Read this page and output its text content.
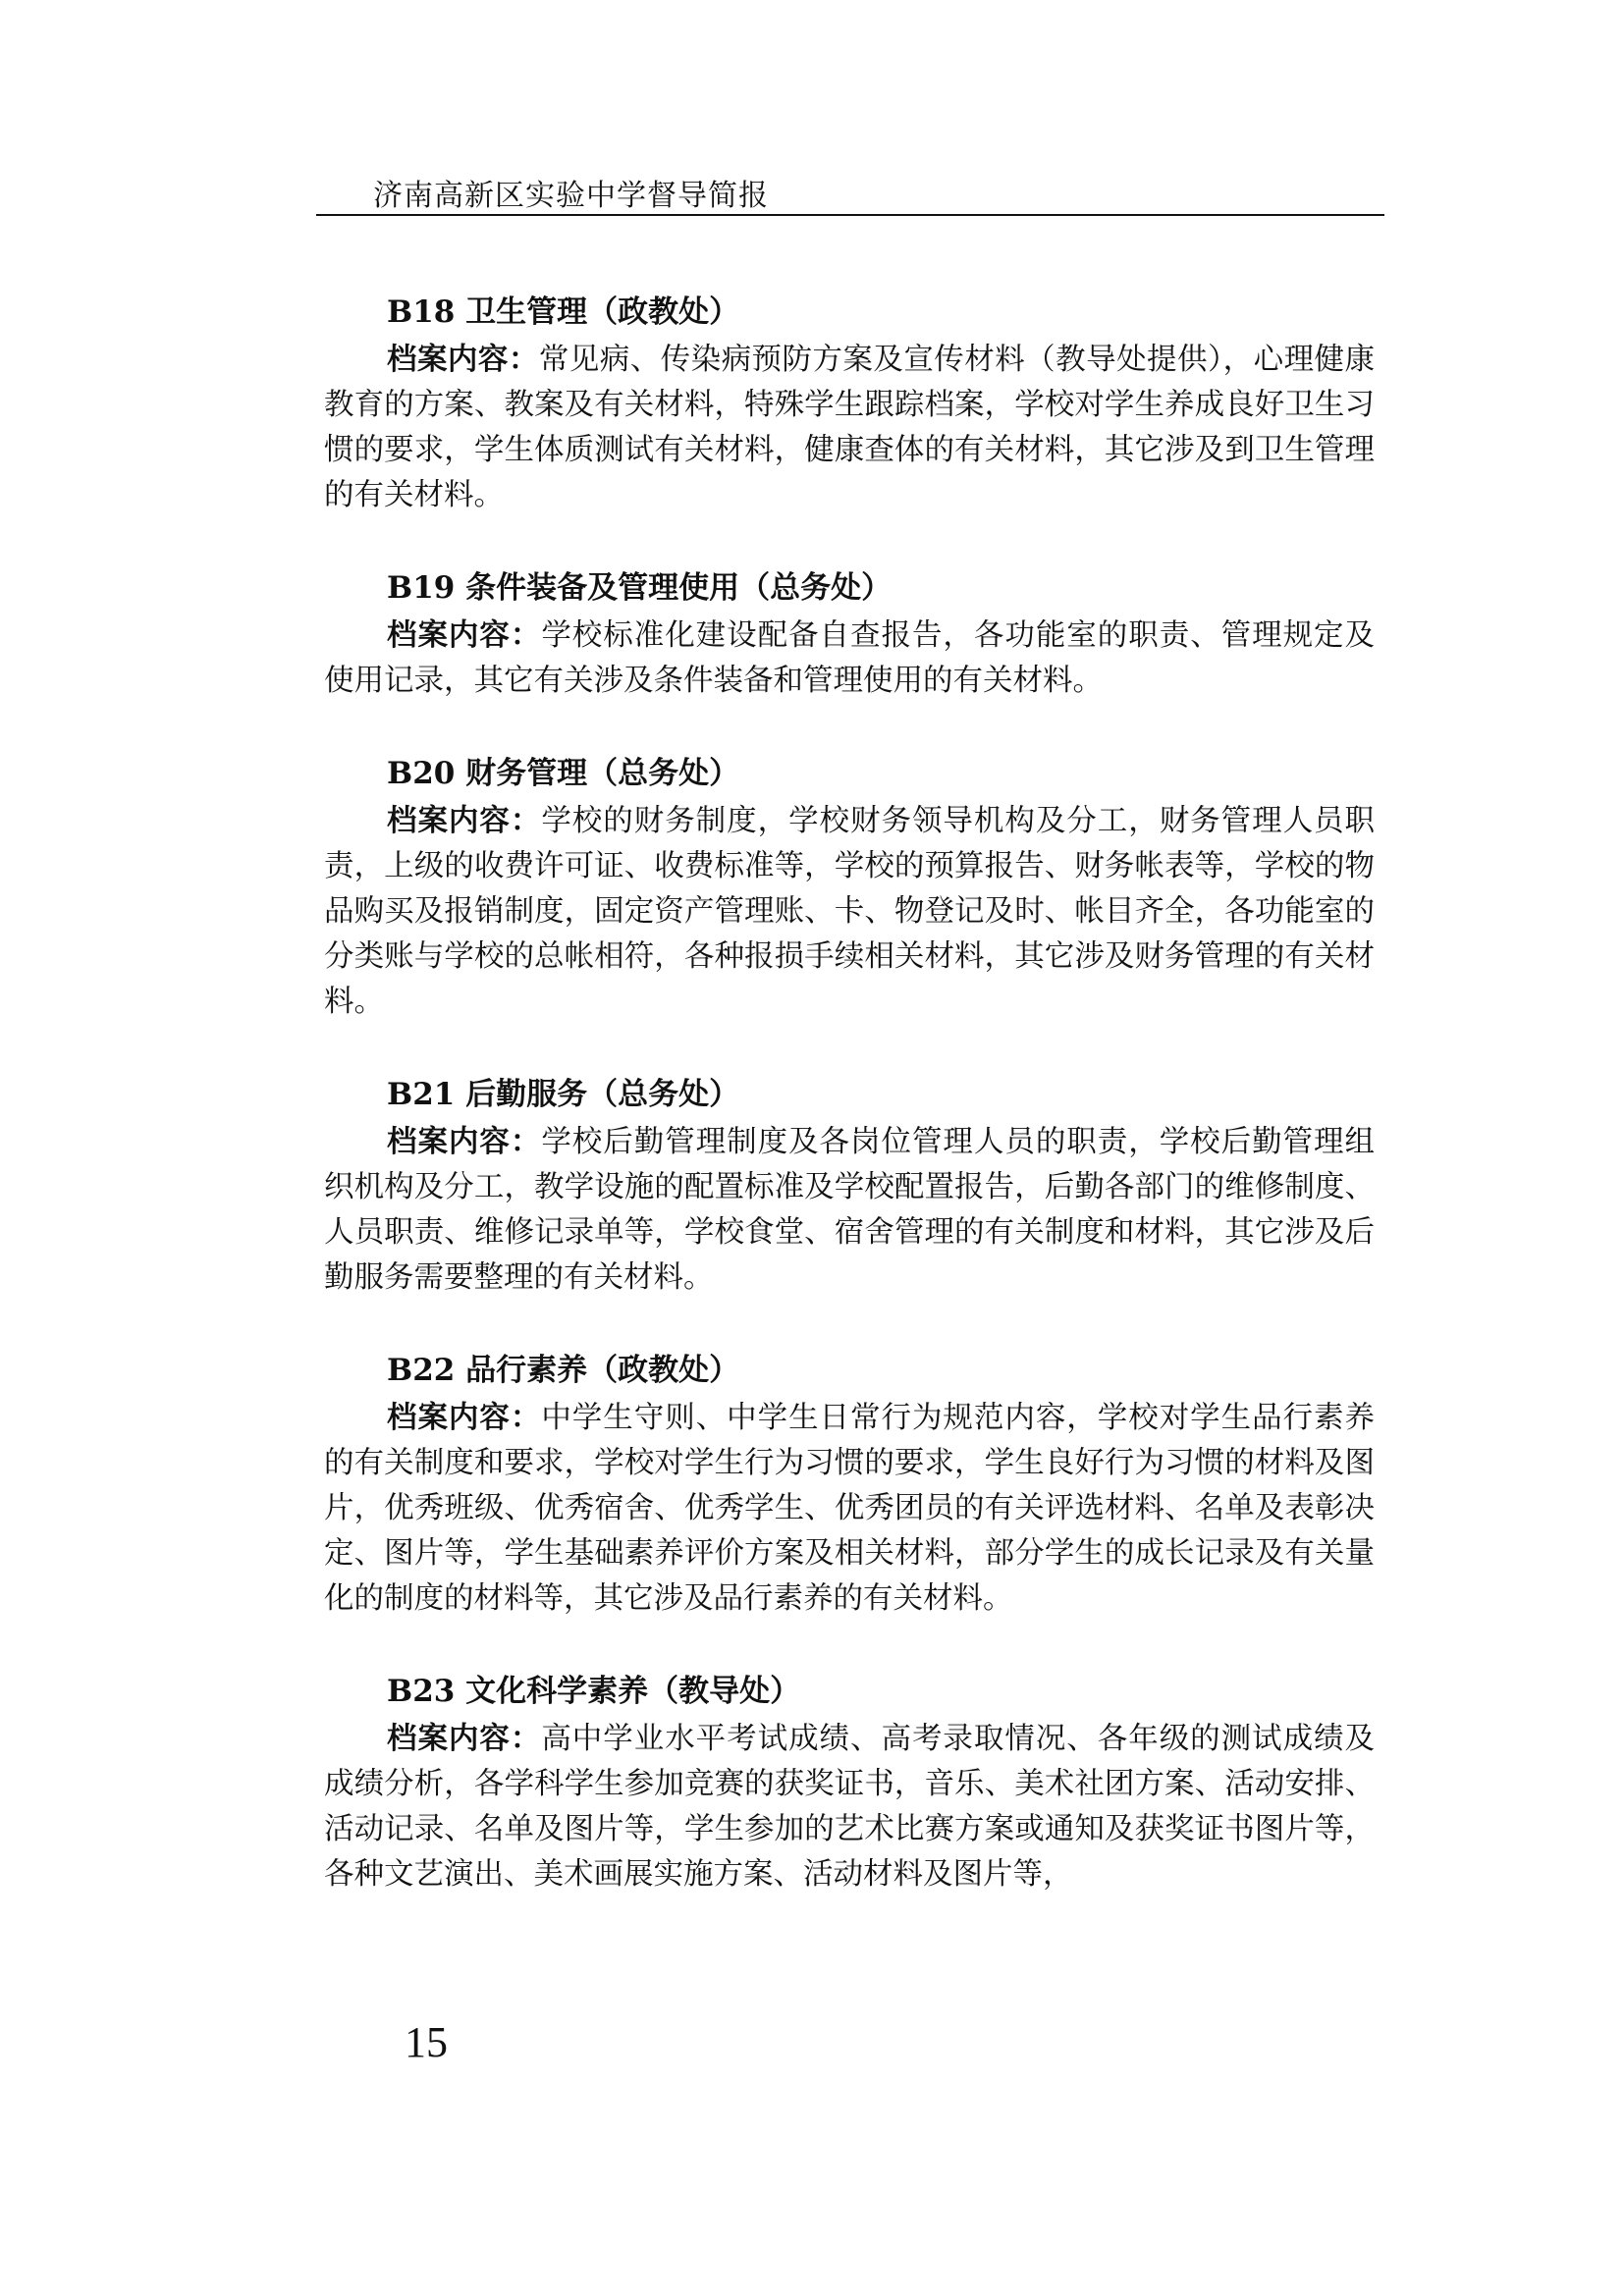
济南高新区实验中学督导简报
B18 卫生管理（政教处）

档案内容：常见病、传染病预防方案及宣传材料（教导处提供），心理健康教育的方案、教案及有关材料，特殊学生跟踪档案，学校对学生养成良好卫生习惯的要求，学生体质测试有关材料，健康查体的有关材料，其它涉及到卫生管理的有关材料。

B19 条件装备及管理使用（总务处）

档案内容：学校标准化建设配备自查报告，各功能室的职责、管理规定及使用记录，其它有关涉及条件装备和管理使用的有关材料。

B20 财务管理（总务处）

档案内容：学校的财务制度，学校财务领导机构及分工，财务管理人员职责，上级的收费许可证、收费标准等，学校的预算报告、财务帐表等，学校的物品购买及报销制度，固定资产管理账、卡、物登记及时、帐目齐全，各功能室的分类账与学校的总帐相符，各种报损手续相关材料，其它涉及财务管理的有关材料。

B21 后勤服务（总务处）

档案内容：学校后勤管理制度及各岗位管理人员的职责，学校后勤管理组织机构及分工，教学设施的配置标准及学校配置报告，后勤各部门的维修制度、人员职责、维修记录单等，学校食堂、宿舍管理的有关制度和材料，其它涉及后勤服务需要整理的有关材料。

B22 品行素养（政教处）

档案内容：中学生守则、中学生日常行为规范内容，学校对学生品行素养的有关制度和要求，学校对学生行为习惯的要求，学生良好行为习惯的材料及图片，优秀班级、优秀宿舍、优秀学生、优秀团员的有关评选材料、名单及表彰决定、图片等，学生基础素养评价方案及相关材料，部分学生的成长记录及有关量化的制度的材料等，其它涉及品行素养的有关材料。

B23 文化科学素养（教导处）

档案内容：高中学业水平考试成绩、高考录取情况、各年级的测试成绩及成绩分析，各学科学生参加竞赛的获奖证书，音乐、美术社团方案、活动安排、活动记录、名单及图片等，学生参加的艺术比赛方案或通知及获奖证书图片等，各种文艺演出、美术画展实施方案、活动材料及图片等，

15
